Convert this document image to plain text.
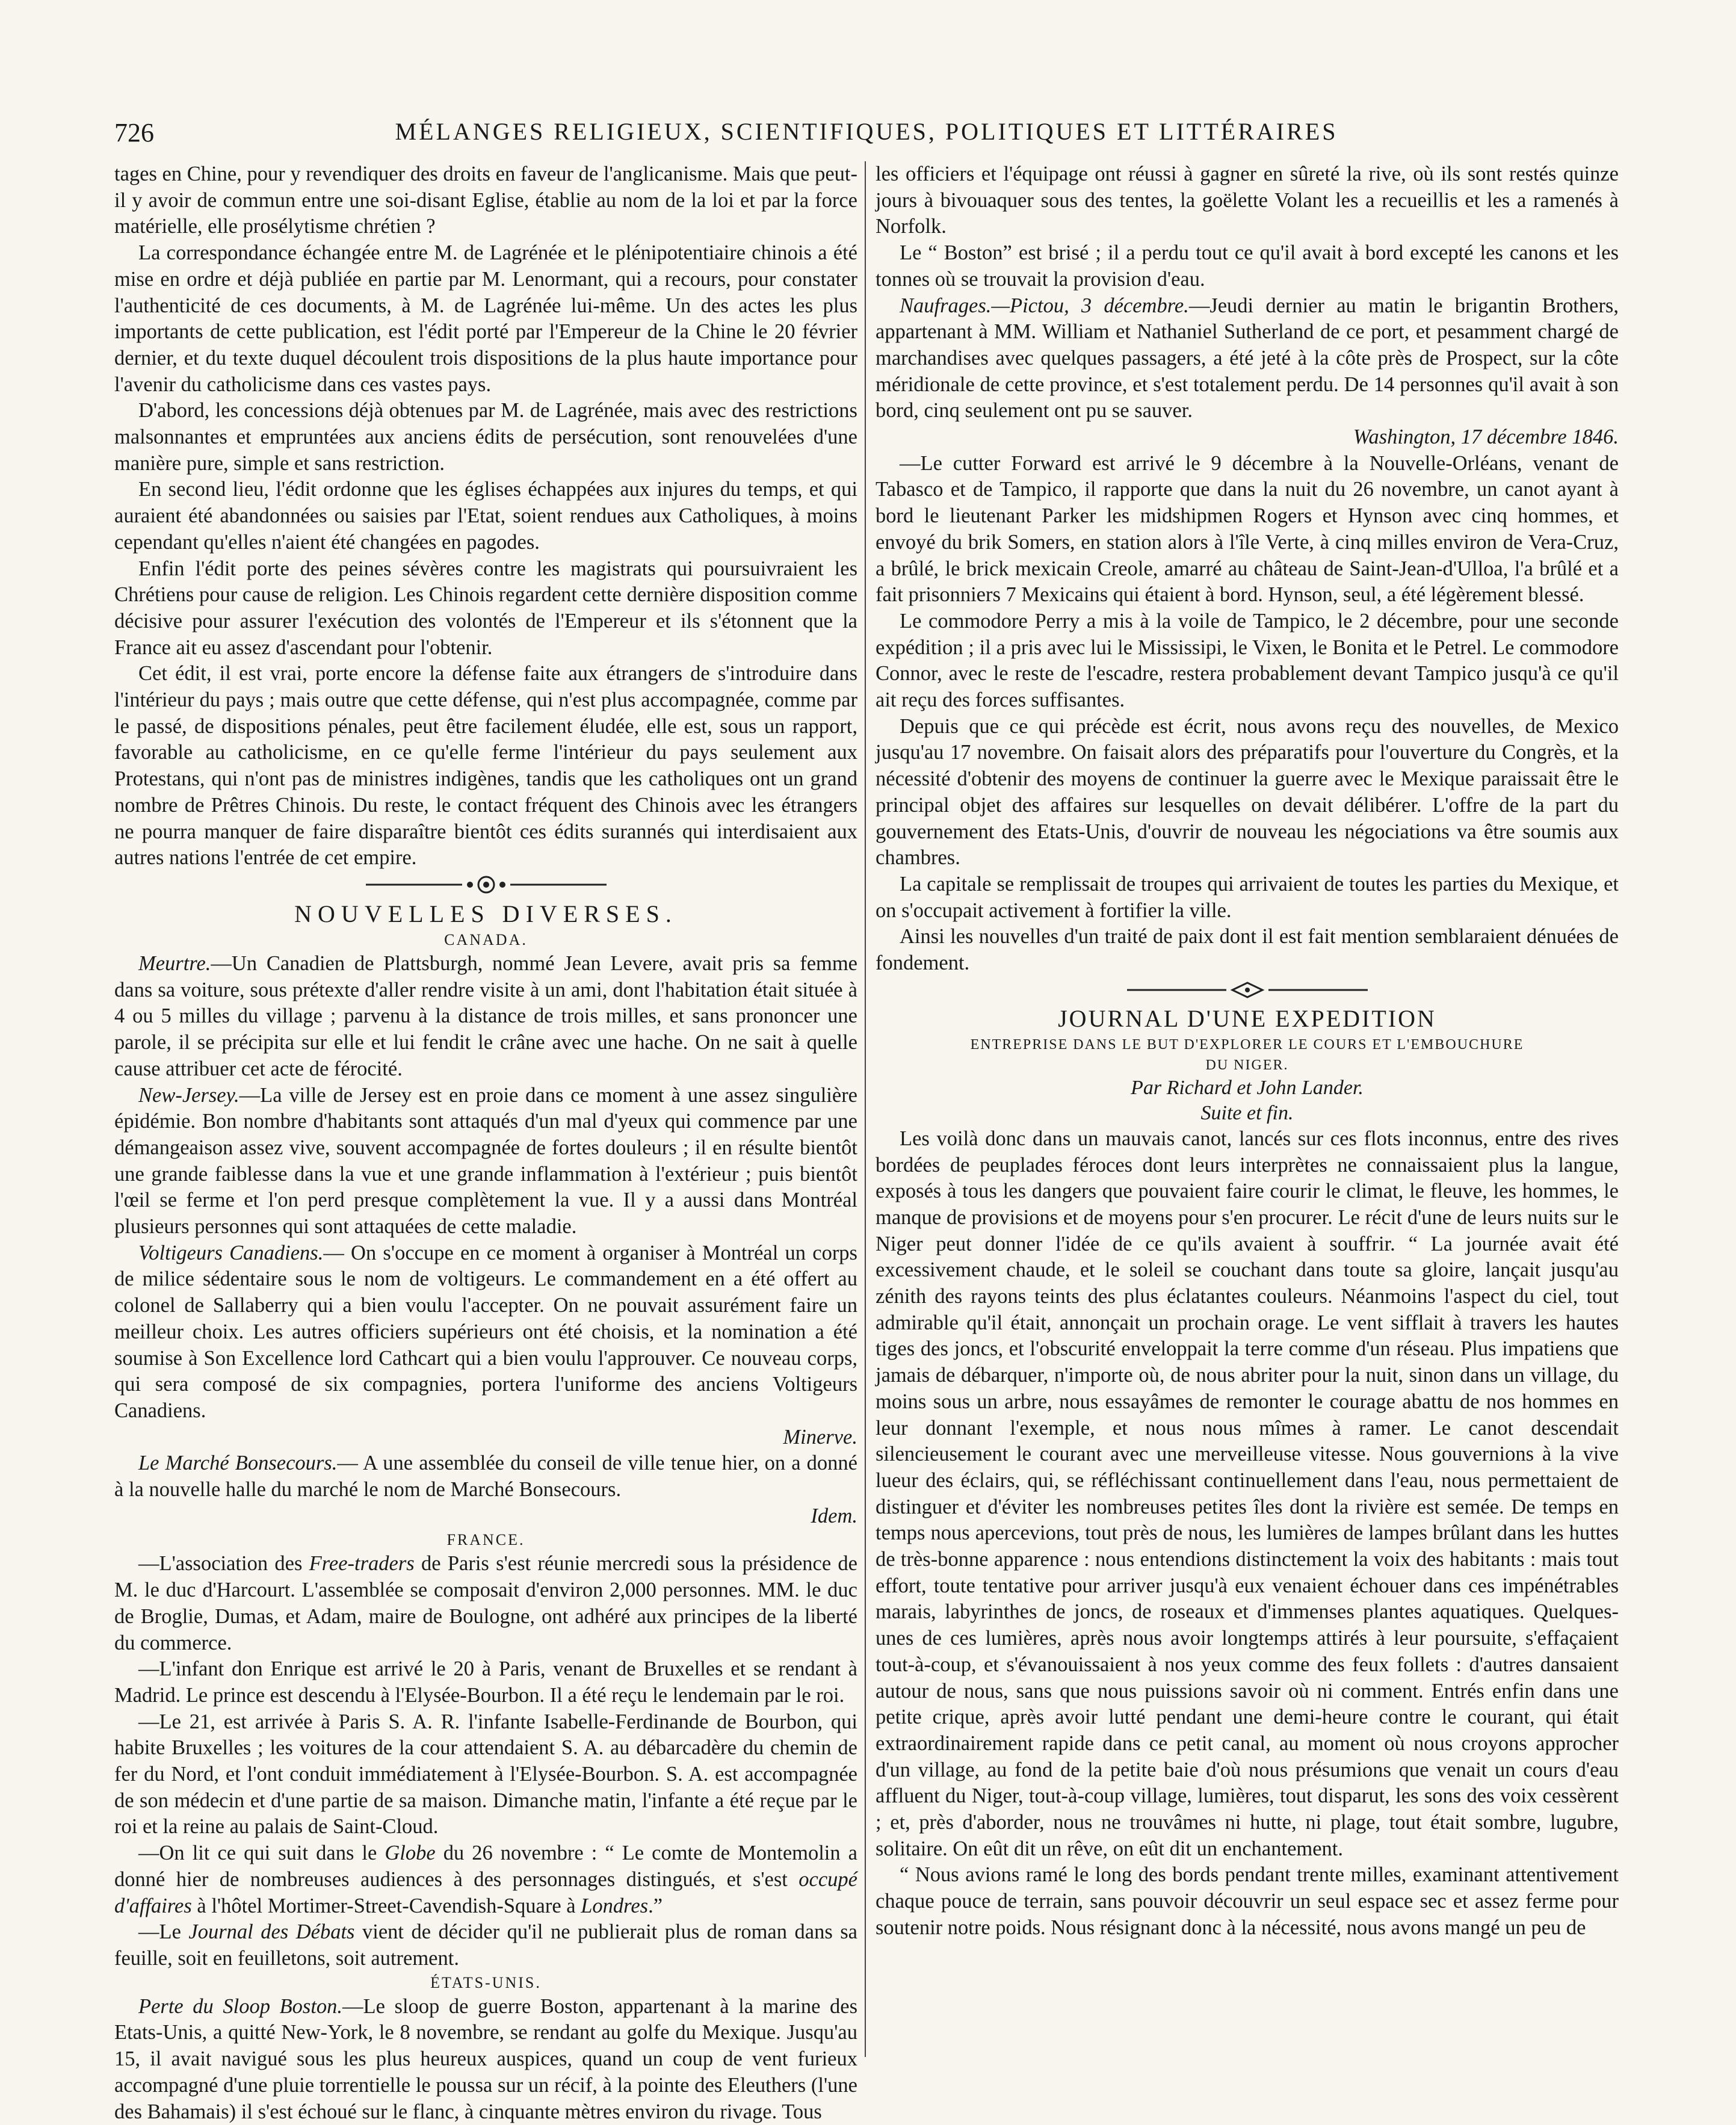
726	MÉLANGES RELIGIEUX, SCIENTIFIQUES, POLITIQUES ET LITTÉRAIRES

tages en Chine, pour y revendiquer des droits en faveur de l'anglicanisme. Mais que peut-il y avoir de commun entre une soi-disant Eglise, établie au nom de la loi et par la force matérielle, elle prosélytisme chrétien ?

La correspondance échangée entre M. de Lagrénée et le plénipotentiaire chinois a été mise en ordre et déjà publiée en partie par M. Lenormant, qui a recours, pour constater l'authenticité de ces documents, à M. de Lagrénée lui-même. Un des actes les plus importants de cette publication, est l'édit porté par l'Empereur de la Chine le 20 février dernier, et du texte duquel découlent trois dispositions de la plus haute importance pour l'avenir du catholicisme dans ces vastes pays.

D'abord, les concessions déjà obtenues par M. de Lagrénée, mais avec des restrictions malsonnantes et empruntées aux anciens édits de persécution, sont renouvelées d'une manière pure, simple et sans restriction.

En second lieu, l'édit ordonne que les églises échappées aux injures du temps, et qui auraient été abandonnées ou saisies par l'Etat, soient rendues aux Catholiques, à moins cependant qu'elles n'aient été changées en pagodes.

Enfin l'édit porte des peines sévères contre les magistrats qui poursuivraient les Chrétiens pour cause de religion. Les Chinois regardent cette dernière disposition comme décisive pour assurer l'exécution des volontés de l'Empereur et ils s'étonnent que la France ait eu assez d'ascendant pour l'obtenir.

Cet édit, il est vrai, porte encore la défense faite aux étrangers de s'introduire dans l'intérieur du pays ; mais outre que cette défense, qui n'est plus accompagnée, comme par le passé, de dispositions pénales, peut être facilement éludée, elle est, sous un rapport, favorable au catholicisme, en ce qu'elle ferme l'intérieur du pays seulement aux Protestans, qui n'ont pas de ministres indigènes, tandis que les catholiques ont un grand nombre de Prêtres Chinois. Du reste, le contact fréquent des Chinois avec les étrangers ne pourra manquer de faire disparaître bientôt ces édits surannés qui interdisaient aux autres nations l'entrée de cet empire.

NOUVELLES DIVERSES.
CANADA.

Meurtre.—Un Canadien de Plattsburgh, nommé Jean Levere, avait pris sa femme dans sa voiture, sous prétexte d'aller rendre visite à un ami, dont l'habitation était située à 4 ou 5 milles du village ; parvenu à la distance de trois milles, et sans prononcer une parole, il se précipita sur elle et lui fendit le crâne avec une hache. On ne sait à quelle cause attribuer cet acte de férocité.

New-Jersey.—La ville de Jersey est en proie dans ce moment à une assez singulière épidémie. Bon nombre d'habitants sont attaqués d'un mal d'yeux qui commence par une démangeaison assez vive, souvent accompagnée de fortes douleurs ; il en résulte bientôt une grande faiblesse dans la vue et une grande inflammation à l'extérieur ; puis bientôt l'œil se ferme et l'on perd presque complètement la vue. Il y a aussi dans Montréal plusieurs personnes qui sont attaquées de cette maladie.

Voltigeurs Canadiens.— On s'occupe en ce moment à organiser à Montréal un corps de milice sédentaire sous le nom de voltigeurs. Le commandement en a été offert au colonel de Sallaberry qui a bien voulu l'accepter. On ne pouvait assurément faire un meilleur choix. Les autres officiers supérieurs ont été choisis, et la nomination a été soumise à Son Excellence lord Cathcart qui a bien voulu l'approuver. Ce nouveau corps, qui sera composé de six compagnies, portera l'uniforme des anciens Voltigeurs Canadiens.

Minerve.

Le Marché Bonsecours.— A une assemblée du conseil de ville tenue hier, on a donné à la nouvelle halle du marché le nom de Marché Bonsecours.

Idem.
FRANCE.

—L'association des Free-traders de Paris s'est réunie mercredi sous la présidence de M. le duc d'Harcourt. L'assemblée se composait d'environ 2,000 personnes. MM. le duc de Broglie, Dumas, et Adam, maire de Boulogne, ont adhéré aux principes de la liberté du commerce.

—L'infant don Enrique est arrivé le 20 à Paris, venant de Bruxelles et se rendant à Madrid. Le prince est descendu à l'Elysée-Bourbon. Il a été reçu le lendemain par le roi.

—Le 21, est arrivée à Paris S. A. R. l'infante Isabelle-Ferdinande de Bourbon, qui habite Bruxelles ; les voitures de la cour attendaient S. A. au débarcadère du chemin de fer du Nord, et l'ont conduit immédiatement à l'Elysée-Bourbon. S. A. est accompagnée de son médecin et d'une partie de sa maison. Dimanche matin, l'infante a été reçue par le roi et la reine au palais de Saint-Cloud.

—On lit ce qui suit dans le Globe du 26 novembre : “ Le comte de Montemolin a donné hier de nombreuses audiences à des personnages distingués, et s'est occupé d'affaires à l'hôtel Mortimer-Street-Cavendish-Square à Londres.”

—Le Journal des Débats vient de décider qu'il ne publierait plus de roman dans sa feuille, soit en feuilletons, soit autrement.

ÉTATS-UNIS.

Perte du Sloop Boston.—Le sloop de guerre Boston, appartenant à la marine des Etats-Unis, a quitté New-York, le 8 novembre, se rendant au golfe du Mexique. Jusqu'au 15, il avait navigué sous les plus heureux auspices, quand un coup de vent furieux accompagné d'une pluie torrentielle le poussa sur un récif, à la pointe des Eleuthers (l'une des Bahamais) il s'est échoué sur le flanc, à cinquante mètres environ du rivage. Tous

les officiers et l'équipage ont réussi à gagner en sûreté la rive, où ils sont restés quinze jours à bivouaquer sous des tentes, la goëlette Volant les a recueillis et les a ramenés à Norfolk.

Le “ Boston” est brisé ; il a perdu tout ce qu'il avait à bord excepté les canons et les tonnes où se trouvait la provision d'eau.

Naufrages.—Pictou, 3 décembre.—Jeudi dernier au matin le brigantin Brothers, appartenant à MM. William et Nathaniel Sutherland de ce port, et pesamment chargé de marchandises avec quelques passagers, a été jeté à la côte près de Prospect, sur la côte méridionale de cette province, et s'est totalement perdu. De 14 personnes qu'il avait à son bord, cinq seulement ont pu se sauver.

Washington, 17 décembre 1846.

—Le cutter Forward est arrivé le 9 décembre à la Nouvelle-Orléans, venant de Tabasco et de Tampico, il rapporte que dans la nuit du 26 novembre, un canot ayant à bord le lieutenant Parker les midshipmen Rogers et Hynson avec cinq hommes, et envoyé du brik Somers, en station alors à l'île Verte, à cinq milles environ de Vera-Cruz, a brûlé, le brick mexicain Creole, amarré au château de Saint-Jean-d'Ulloa, l'a brûlé et a fait prisonniers 7 Mexicains qui étaient à bord. Hynson, seul, a été légèrement blessé.

Le commodore Perry a mis à la voile de Tampico, le 2 décembre, pour une seconde expédition ; il a pris avec lui le Mississipi, le Vixen, le Bonita et le Petrel. Le commodore Connor, avec le reste de l'escadre, restera probablement devant Tampico jusqu'à ce qu'il ait reçu des forces suffisantes.

Depuis que ce qui précède est écrit, nous avons reçu des nouvelles, de Mexico jusqu'au 17 novembre. On faisait alors des préparatifs pour l'ouverture du Congrès, et la nécessité d'obtenir des moyens de continuer la guerre avec le Mexique paraissait être le principal objet des affaires sur lesquelles on devait délibérer. L'offre de la part du gouvernement des Etats-Unis, d'ouvrir de nouveau les négociations va être soumis aux chambres.

La capitale se remplissait de troupes qui arrivaient de toutes les parties du Mexique, et on s'occupait activement à fortifier la ville.

Ainsi les nouvelles d'un traité de paix dont il est fait mention semblaraient dénuées de fondement.

JOURNAL D'UNE EXPEDITION
ENTREPRISE DANS LE BUT D'EXPLORER LE COURS ET L'EMBOUCHURE
DU NIGER.
Par Richard et John Lander.
Suite et fin.

Les voilà donc dans un mauvais canot, lancés sur ces flots inconnus, entre des rives bordées de peuplades féroces dont leurs interprètes ne connaissaient plus la langue, exposés à tous les dangers que pouvaient faire courir le climat, le fleuve, les hommes, le manque de provisions et de moyens pour s'en procurer. Le récit d'une de leurs nuits sur le Niger peut donner l'idée de ce qu'ils avaient à souffrir. “ La journée avait été excessivement chaude, et le soleil se couchant dans toute sa gloire, lançait jusqu'au zénith des rayons teints des plus éclatantes couleurs. Néanmoins l'aspect du ciel, tout admirable qu'il était, annonçait un prochain orage. Le vent sifflait à travers les hautes tiges des joncs, et l'obscurité enveloppait la terre comme d'un réseau. Plus impatiens que jamais de débarquer, n'importe où, de nous abriter pour la nuit, sinon dans un village, du moins sous un arbre, nous essayâmes de remonter le courage abattu de nos hommes en leur donnant l'exemple, et nous nous mîmes à ramer. Le canot descendait silencieusement le courant avec une merveilleuse vitesse. Nous gouvernions à la vive lueur des éclairs, qui, se réfléchissant continuellement dans l'eau, nous permettaient de distinguer et d'éviter les nombreuses petites îles dont la rivière est semée. De temps en temps nous apercevions, tout près de nous, les lumières de lampes brûlant dans les huttes de très-bonne apparence : nous entendions distinctement la voix des habitants : mais tout effort, toute tentative pour arriver jusqu'à eux venaient échouer dans ces impénétrables marais, labyrinthes de joncs, de roseaux et d'immenses plantes aquatiques. Quelques-unes de ces lumières, après nous avoir longtemps attirés à leur poursuite, s'effaçaient tout-à-coup, et s'évanouissaient à nos yeux comme des feux follets : d'autres dansaient autour de nous, sans que nous puissions savoir où ni comment. Entrés enfin dans une petite crique, après avoir lutté pendant une demi-heure contre le courant, qui était extraordinairement rapide dans ce petit canal, au moment où nous croyons approcher d'un village, au fond de la petite baie d'où nous présumions que venait un cours d'eau affluent du Niger, tout-à-coup village, lumières, tout disparut, les sons des voix cessèrent ; et, près d'aborder, nous ne trouvâmes ni hutte, ni plage, tout était sombre, lugubre, solitaire. On eût dit un rêve, on eût dit un enchantement.

“ Nous avions ramé le long des bords pendant trente milles, examinant attentivement chaque pouce de terrain, sans pouvoir découvrir un seul espace sec et assez ferme pour soutenir notre poids. Nous résignant donc à la nécessité, nous avons mangé un peu de
